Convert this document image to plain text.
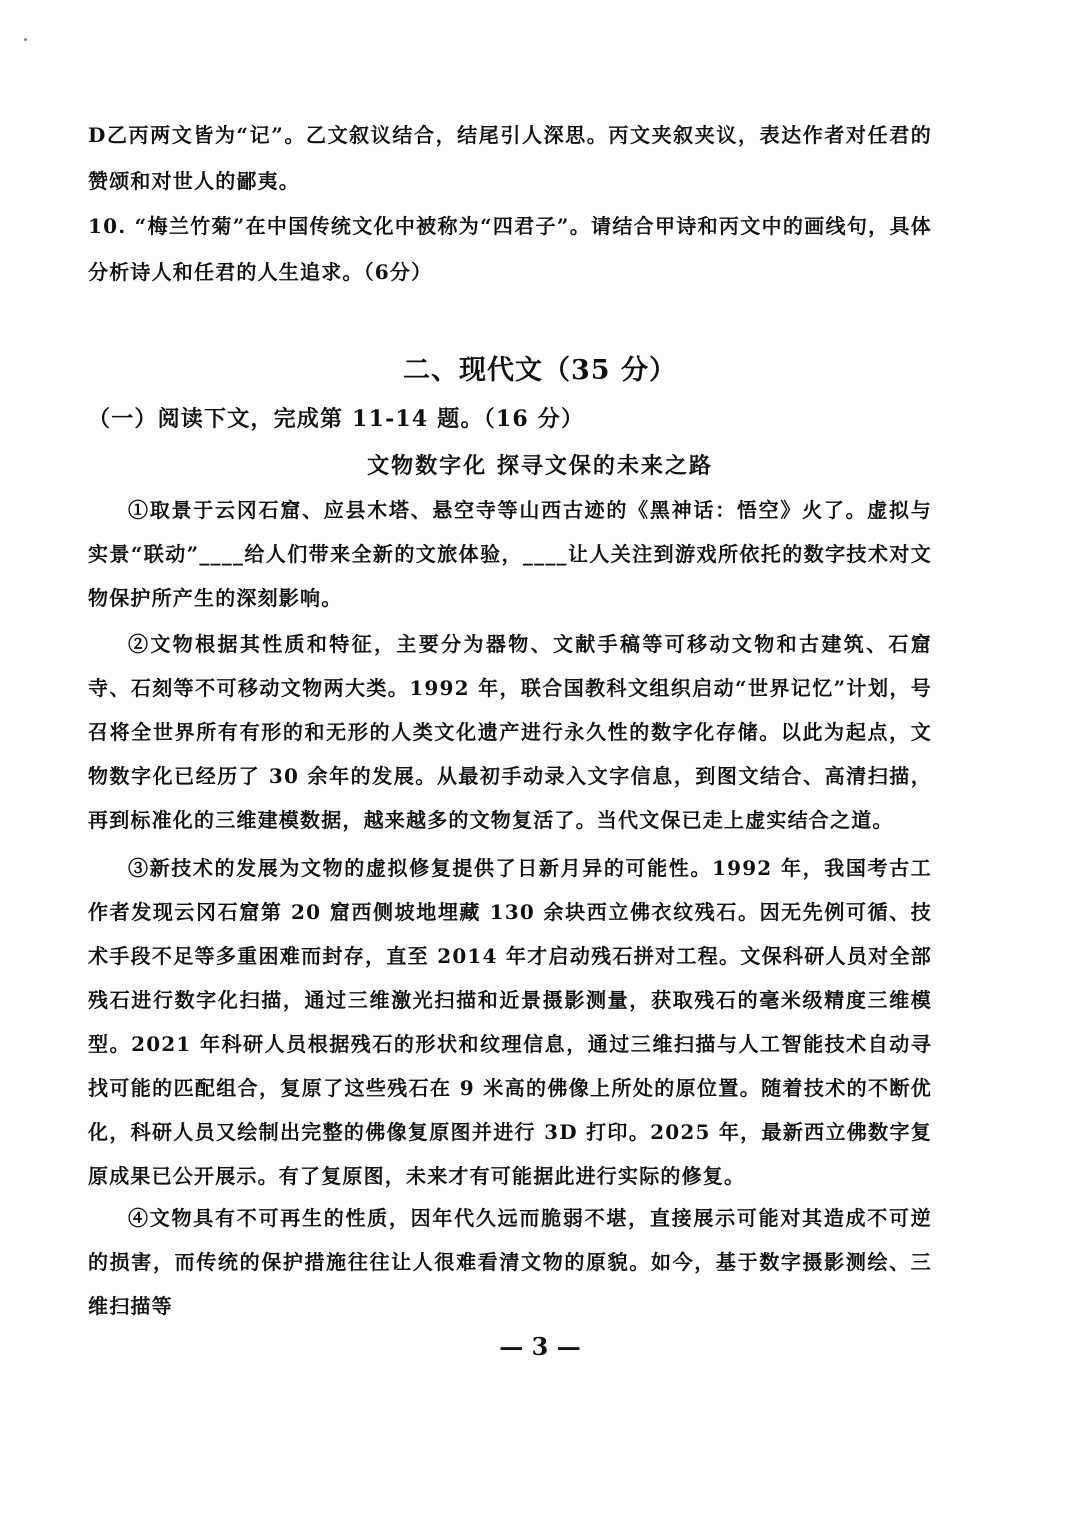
D乙丙两文皆为“记”。乙文叙议结合，结尾引人深思。丙文夹叙夹议，表达作者对任君的赞颂和对世人的鄙夷。
10. “梅兰竹菊”在中国传统文化中被称为“四君子”。请结合甲诗和丙文中的画线句，具体分析诗人和任君的人生追求。（6分）
二、现代文（35 分）
（一）阅读下文，完成第 11-14 题。（16 分）
文物数字化 探寻文保的未来之路
①取景于云冈石窟、应县木塔、悬空寺等山西古迹的《黑神话：悟空》火了。虚拟与实景“联动”____给人们带来全新的文旅体验，____让人关注到游戏所依托的数字技术对文物保护所产生的深刻影响。
②文物根据其性质和特征，主要分为器物、文献手稿等可移动文物和古建筑、石窟寺、石刻等不可移动文物两大类。1992 年，联合国教科文组织启动“世界记忆”计划，号召将全世界所有有形的和无形的人类文化遗产进行永久性的数字化存储。以此为起点，文物数字化已经历了 30 余年的发展。从最初手动录入文字信息，到图文结合、高清扫描，再到标准化的三维建模数据，越来越多的文物复活了。当代文保已走上虚实结合之道。
③新技术的发展为文物的虚拟修复提供了日新月异的可能性。1992 年，我国考古工作者发现云冈石窟第 20 窟西侧坡地埋藏 130 余块西立佛衣纹残石。因无先例可循、技术手段不足等多重困难而封存，直至 2014 年才启动残石拼对工程。文保科研人员对全部残石进行数字化扫描，通过三维激光扫描和近景摄影测量，获取残石的毫米级精度三维模型。2021 年科研人员根据残石的形状和纹理信息，通过三维扫描与人工智能技术自动寻找可能的匹配组合，复原了这些残石在 9 米高的佛像上所处的原位置。随着技术的不断优化，科研人员又绘制出完整的佛像复原图并进行 3D 打印。2025 年，最新西立佛数字复原成果已公开展示。有了复原图，未来才有可能据此进行实际的修复。
④文物具有不可再生的性质，因年代久远而脆弱不堪，直接展示可能对其造成不可逆的损害，而传统的保护措施往往让人很难看清文物的原貌。如今，基于数字摄影测绘、三维扫描等
— 3 —
